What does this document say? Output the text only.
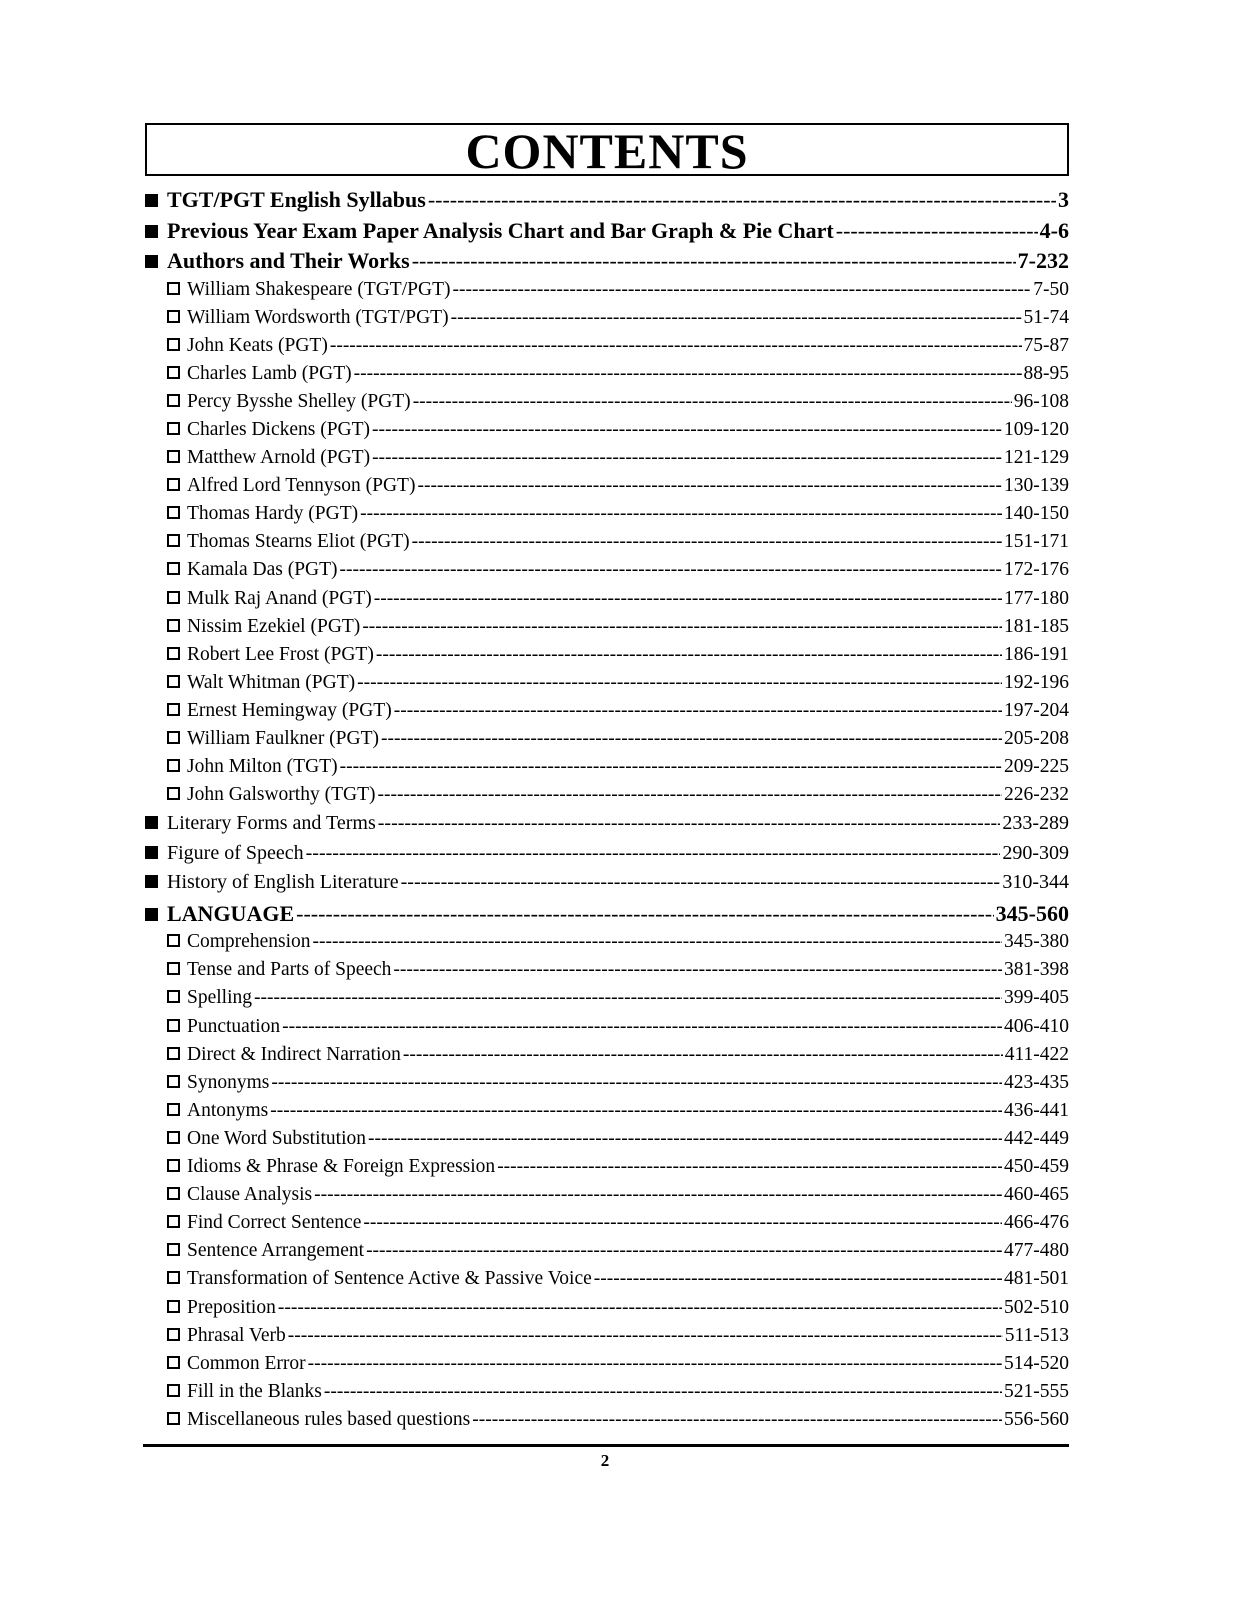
CONTENTS
TGT/PGT English Syllabus -----	3
Previous Year Exam Paper Analysis Chart and Bar Graph & Pie Chart -----	4-6
Authors and Their Works -----	7-232
William Shakespeare (TGT/PGT) -----	7-50
William Wordsworth (TGT/PGT) -----	51-74
John Keats (PGT) -----	75-87
Charles Lamb (PGT) -----	88-95
Percy Bysshe Shelley (PGT) -----	96-108
Charles Dickens (PGT) -----	109-120
Matthew Arnold (PGT) -----	121-129
Alfred Lord Tennyson (PGT) -----	130-139
Thomas Hardy (PGT) -----	140-150
Thomas Stearns Eliot (PGT) -----	151-171
Kamala Das (PGT) -----	172-176
Mulk Raj Anand (PGT) -----	177-180
Nissim Ezekiel (PGT) -----	181-185
Robert Lee Frost (PGT) -----	186-191
Walt Whitman (PGT) -----	192-196
Ernest Hemingway (PGT) -----	197-204
William Faulkner (PGT) -----	205-208
John Milton (TGT) -----	209-225
John Galsworthy (TGT) -----	226-232
Literary Forms and Terms -----	233-289
Figure of Speech -----	290-309
History of English Literature -----	310-344
LANGUAGE -----	345-560
Comprehension -----	345-380
Tense and Parts of Speech -----	381-398
Spelling -----	399-405
Punctuation -----	406-410
Direct & Indirect Narration -----	411-422
Synonyms -----	423-435
Antonyms -----	436-441
One Word Substitution -----	442-449
Idioms & Phrase & Foreign Expression -----	450-459
Clause Analysis -----	460-465
Find Correct Sentence -----	466-476
Sentence Arrangement -----	477-480
Transformation of Sentence Active & Passive Voice -----	481-501
Preposition -----	502-510
Phrasal Verb -----	511-513
Common Error -----	514-520
Fill in the Blanks -----	521-555
Miscellaneous rules based questions -----	556-560
2
